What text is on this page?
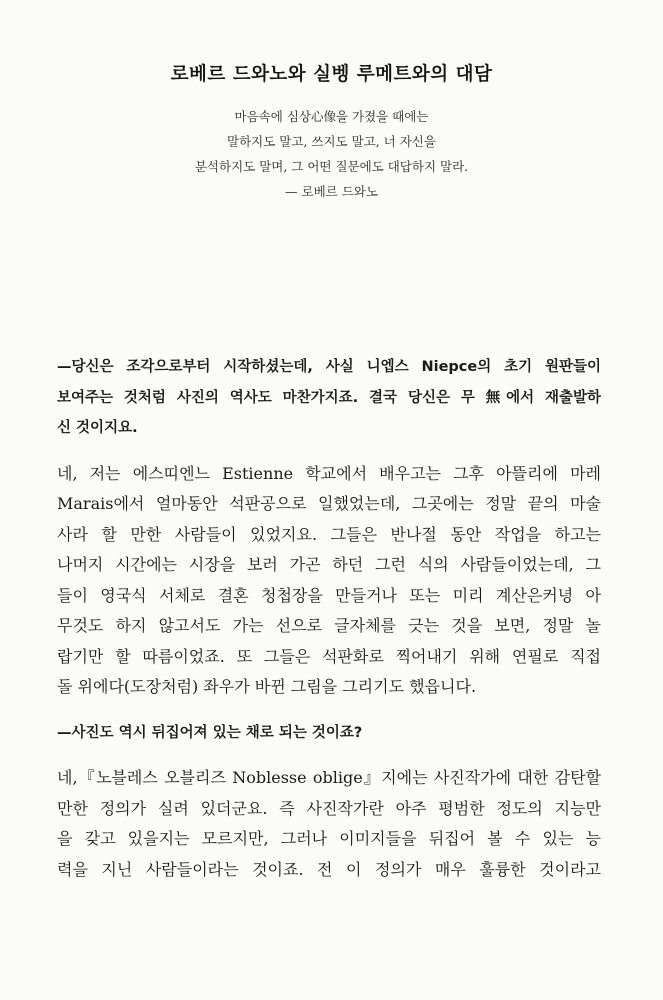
로베르 드와노와 실벵 루메트와의 대담
마음속에 심상心像을 가졌을 때에는
말하지도 말고, 쓰지도 말고, 너 자신을
분석하지도 말며, 그 어떤 질문에도 대답하지 말라.
— 로베르 드와노
—당신은 조각으로부터 시작하셨는데, 사실 니엡스 Niepce의 초기 원판들이
보여주는 것처럼 사진의 역사도 마찬가지죠. 결국 당신은 무 無에서 재출발하
신 것이지요.
네, 저는 에스띠엔느 Estienne 학교에서 배우고는 그후 아뜰리에 마레
Marais에서 얼마동안 석판공으로 일했었는데, 그곳에는 정말 끝의 마술
사라 할 만한 사람들이 있었지요. 그들은 반나절 동안 작업을 하고는
나머지 시간에는 시장을 보러 가곤 하던 그런 식의 사람들이었는데, 그
들이 영국식 서체로 결혼 청첩장을 만들거나 또는 미리 계산은커녕 아
무것도 하지 않고서도 가는 선으로 글자체를 긋는 것을 보면, 정말 놀
랍기만 할 따름이었죠. 또 그들은 석판화로 찍어내기 위해 연필로 직접
돌 위에다(도장처럼) 좌우가 바뀐 그림을 그리기도 했읍니다.
—사진도 역시 뒤집어져 있는 채로 되는 것이죠?
네,『노블레스 오블리즈 Noblesse oblige』지에는 사진작가에 대한 감탄할
만한 정의가 실려 있더군요. 즉 사진작가란 아주 평범한 정도의 지능만
을 갖고 있을지는 모르지만, 그러나 이미지들을 뒤집어 볼 수 있는 능
력을 지닌 사람들이라는 것이죠. 전 이 정의가 매우 훌륭한 것이라고
